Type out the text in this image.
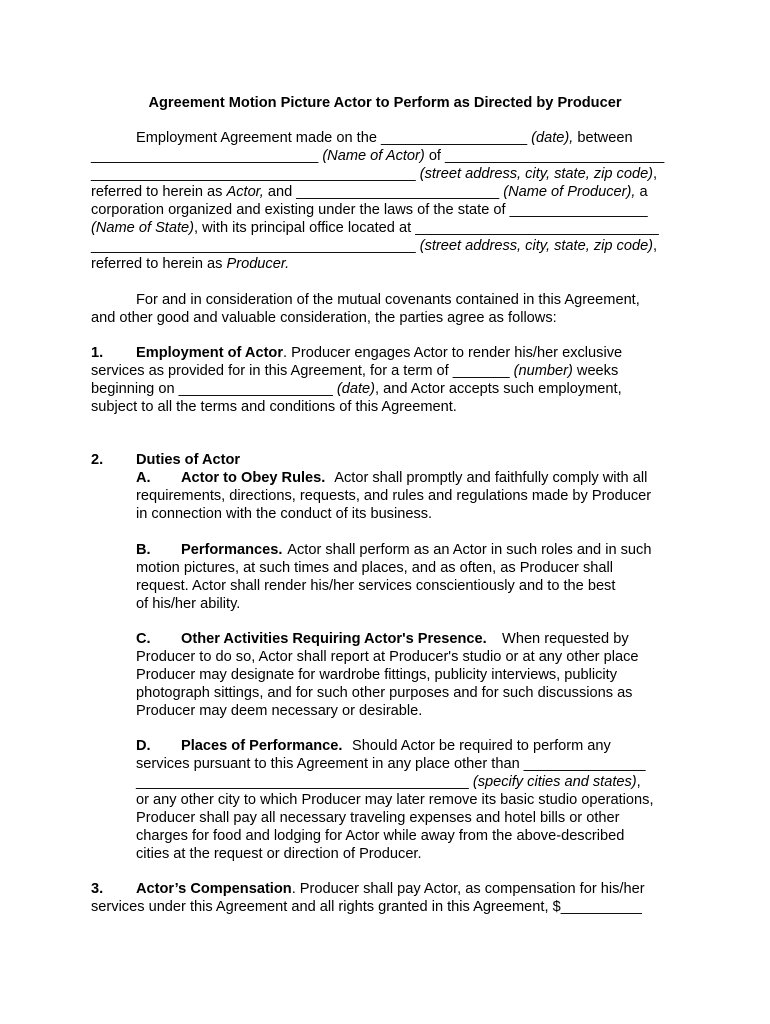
Agreement Motion Picture Actor to Perform as Directed by Producer
Employment Agreement made on the __________________ (date), between
____________________________ (Name of Actor) of ___________________________
________________________________________ (street address, city, state, zip code),
referred to herein as Actor, and _________________________ (Name of Producer), a
corporation organized and existing under the laws of the state of _________________
(Name of State), with its principal office located at ______________________________
________________________________________ (street address, city, state, zip code),
referred to herein as Producer.
For and in consideration of the mutual covenants contained in this Agreement,
and other good and valuable consideration, the parties agree as follows:
1. Employment of Actor. Producer engages Actor to render his/her exclusive
services as provided for in this Agreement, for a term of _______ (number) weeks
beginning on ___________________ (date), and Actor accepts such employment,
subject to all the terms and conditions of this Agreement.
2. Duties of Actor
A. Actor to Obey Rules. Actor shall promptly and faithfully comply with all
requirements, directions, requests, and rules and regulations made by Producer
in connection with the conduct of its business.
B. Performances. Actor shall perform as an Actor in such roles and in such
motion pictures, at such times and places, and as often, as Producer shall
request. Actor shall render his/her services conscientiously and to the best
of his/her ability.
C. Other Activities Requiring Actor's Presence. When requested by
Producer to do so, Actor shall report at Producer's studio or at any other place
Producer may designate for wardrobe fittings, publicity interviews, publicity
photograph sittings, and for such other purposes and for such discussions as
Producer may deem necessary or desirable.
D. Places of Performance. Should Actor be required to perform any
services pursuant to this Agreement in any place other than _______________
_________________________________________ (specify cities and states),
or any other city to which Producer may later remove its basic studio operations,
Producer shall pay all necessary traveling expenses and hotel bills or other
charges for food and lodging for Actor while away from the above-described
cities at the request or direction of Producer.
3. Actor’s Compensation. Producer shall pay Actor, as compensation for his/her
services under this Agreement and all rights granted in this Agreement, $__________
